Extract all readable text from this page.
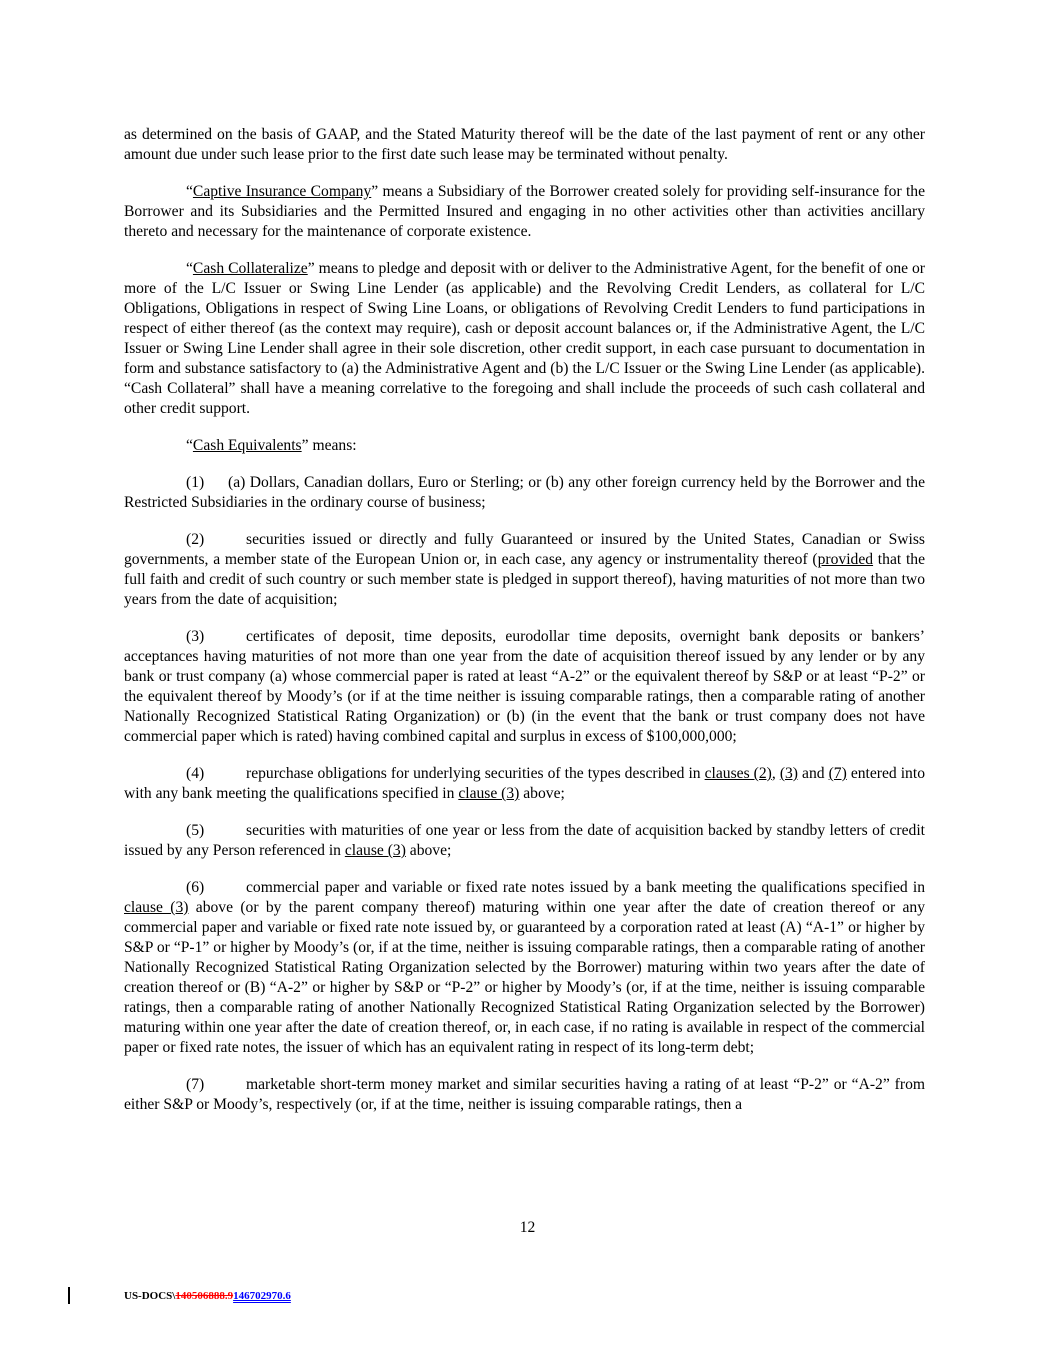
as determined on the basis of GAAP, and the Stated Maturity thereof will be the date of the last payment of rent or any other amount due under such lease prior to the first date such lease may be terminated without penalty.

“Captive Insurance Company” means a Subsidiary of the Borrower created solely for providing self-insurance for the Borrower and its Subsidiaries and the Permitted Insured and engaging in no other activities other than activities ancillary thereto and necessary for the maintenance of corporate existence.

“Cash Collateralize” means to pledge and deposit with or deliver to the Administrative Agent, for the benefit of one or more of the L/C Issuer or Swing Line Lender (as applicable) and the Revolving Credit Lenders, as collateral for L/C Obligations, Obligations in respect of Swing Line Loans, or obligations of Revolving Credit Lenders to fund participations in respect of either thereof (as the context may require), cash or deposit account balances or, if the Administrative Agent, the L/C Issuer or Swing Line Lender shall agree in their sole discretion, other credit support, in each case pursuant to documentation in form and substance satisfactory to (a) the Administrative Agent and (b) the L/C Issuer or the Swing Line Lender (as applicable). “Cash Collateral” shall have a meaning correlative to the foregoing and shall include the proceeds of such cash collateral and other credit support.

“Cash Equivalents” means:

(1) (a) Dollars, Canadian dollars, Euro or Sterling; or (b) any other foreign currency held by the Borrower and the Restricted Subsidiaries in the ordinary course of business;

(2)	securities issued or directly and fully Guaranteed or insured by the United States, Canadian or Swiss governments, a member state of the European Union or, in each case, any agency or instrumentality thereof (provided that the full faith and credit of such country or such member state is pledged in support thereof), having maturities of not more than two years from the date of acquisition;

(3)	certificates of deposit, time deposits, eurodollar time deposits, overnight bank deposits or bankers’ acceptances having maturities of not more than one year from the date of acquisition thereof issued by any lender or by any bank or trust company (a) whose commercial paper is rated at least “A-2” or the equivalent thereof by S&P or at least “P-2” or the equivalent thereof by Moody’s (or if at the time neither is issuing comparable ratings, then a comparable rating of another Nationally Recognized Statistical Rating Organization) or (b) (in the event that the bank or trust company does not have commercial paper which is rated) having combined capital and surplus in excess of $100,000,000;

(4)	repurchase obligations for underlying securities of the types described in clauses (2), (3) and (7) entered into with any bank meeting the qualifications specified in clause (3) above;

(5)	securities with maturities of one year or less from the date of acquisition backed by standby letters of credit issued by any Person referenced in clause (3) above;

(6)	commercial paper and variable or fixed rate notes issued by a bank meeting the qualifications specified in clause (3) above (or by the parent company thereof) maturing within one year after the date of creation thereof or any commercial paper and variable or fixed rate note issued by, or guaranteed by a corporation rated at least (A) “A-1” or higher by S&P or “P-1” or higher by Moody’s (or, if at the time, neither is issuing comparable ratings, then a comparable rating of another Nationally Recognized Statistical Rating Organization selected by the Borrower) maturing within two years after the date of creation thereof or (B) “A-2” or higher by S&P or “P-2” or higher by Moody’s (or, if at the time, neither is issuing comparable ratings, then a comparable rating of another Nationally Recognized Statistical Rating Organization selected by the Borrower) maturing within one year after the date of creation thereof, or, in each case, if no rating is available in respect of the commercial paper or fixed rate notes, the issuer of which has an equivalent rating in respect of its long-term debt;

(7)	marketable short-term money market and similar securities having a rating of at least “P-2” or “A-2” from either S&P or Moody’s, respectively (or, if at the time, neither is issuing comparable ratings, then a

12
US-DOCS\140506888.9146702970.6
